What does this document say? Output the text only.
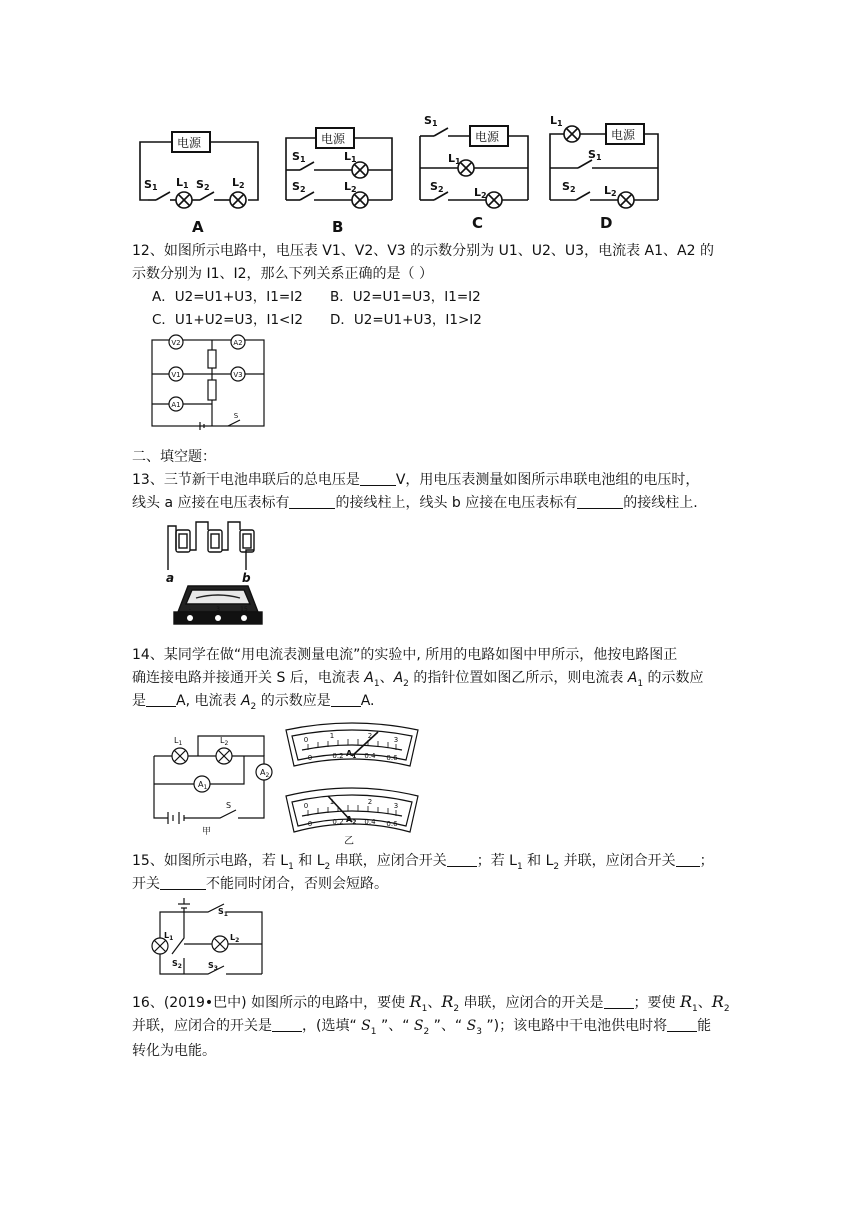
电源	电源	电源	电源
S1 L1 S2 L2
S1	L1
S2	L2
S1
L1
S2	L2
L1
S1
S2	L2
A	B	C	D
12、如图所示电路中，电压表 V1、V2、V3 的示数分别为 U1、U2、U3，电流表 A1、A2 的
示数分别为 I1、I2，那么下列关系正确的是（ ）
A．U2=U1+U3，I1=I2 B．U2=U1=U3，I1=I2
C．U1+U2=U3，I1<I2 D．U2=U1+U3，I1>I2
V2	A2
V1	V3
A1
S
二、填空题：
13、三节新干电池串联后的总电压是	V，用电压表测量如图所示串联电池组的电压时，
线头 a 应接在电压表标有	的接线柱上，线头 b 应接在电压表标有	的接线柱上.
-	3	15
a	b
14、某同学在做“用电流表测量电流”的实验中, 所用的电路如图中甲所示，他按电路图正
确连接电路并接通开关 S 后，电流表 $A_1$、$A_2$ 的指针位置如图乙所示，则电流表 $A_1$ 的示数应
是 A, 电流表 $A_2$ 的示数应是 A.
$L_1$	$L_2$
$A_2$
$A_1$
S
甲
0	1	2	3
0	0.2	0.4 0.6
0	1	2	3
0	0.2	0.4 0.6
$A_1$
$A_2$
乙
15、如图所示电路，若 $L_1$ 和 $L_2$ 串联，应闭合开关 ；若 $L_1$ 和 $L_2$ 并联，应闭合开关 ；
开关	不能同时闭合，否则会短路。
$S_1$
$L_1$	$L_2$
$S_2$	$S_3$
16、(2019•巴中) 如图所示的电路中，要使 $R_1$、$R_2$ 串联，应闭合的开关是 ；要使 $R_1$、$R_2$
并联，应闭合的开关是 ，(选填“ $S_1$ ”、“ $S_2$ ”、“ $S_3$ ”)；该电路中干电池供电时将 能
转化为电能。
